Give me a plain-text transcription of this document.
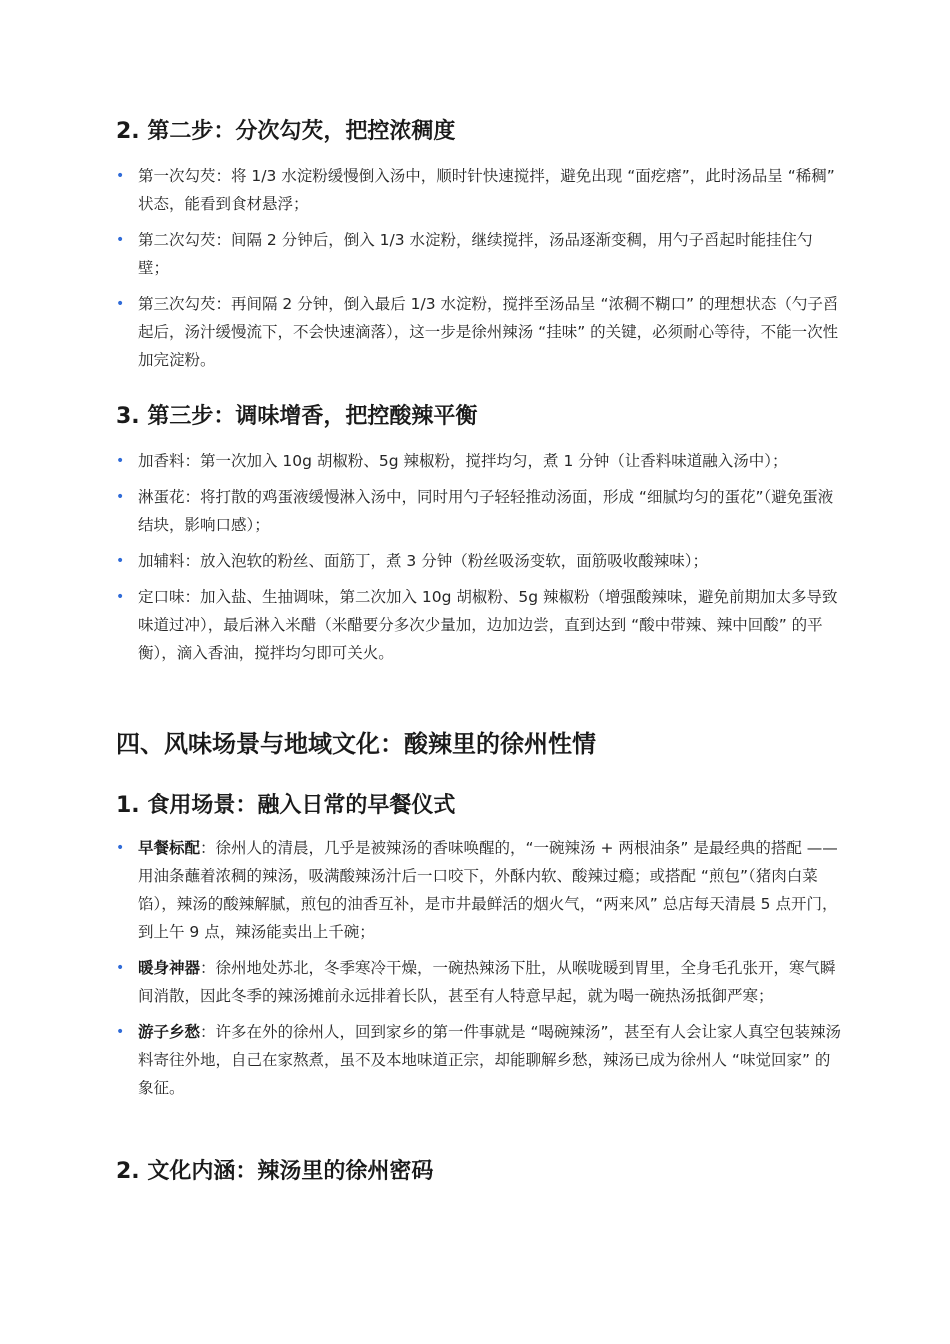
2. 第二步：分次勾芡，把控浓稠度
• 第一次勾芡：将 1/3 水淀粉缓慢倒入汤中，顺时针快速搅拌，避免出现 “面疙瘩”，此时汤品呈 “稀稠” 状态，能看到食材悬浮；
• 第二次勾芡：间隔 2 分钟后，倒入 1/3 水淀粉，继续搅拌，汤品逐渐变稠，用勺子舀起时能挂住勺壁；
• 第三次勾芡：再间隔 2 分钟，倒入最后 1/3 水淀粉，搅拌至汤品呈 “浓稠不糊口” 的理想状态（勺子舀起后，汤汁缓慢流下，不会快速滴落），这一步是徐州辣汤 “挂味” 的关键，必须耐心等待，不能一次性加完淀粉。
3. 第三步：调味增香，把控酸辣平衡
• 加香料：第一次加入 10g 胡椒粉、5g 辣椒粉，搅拌均匀，煮 1 分钟（让香料味道融入汤中）；
• 淋蛋花：将打散的鸡蛋液缓慢淋入汤中，同时用勺子轻轻推动汤面，形成 “细腻均匀的蛋花”（避免蛋液结块，影响口感）；
• 加辅料：放入泡软的粉丝、面筋丁，煮 3 分钟（粉丝吸汤变软，面筋吸收酸辣味）；
• 定口味：加入盐、生抽调味，第二次加入 10g 胡椒粉、5g 辣椒粉（增强酸辣味，避免前期加太多导致味道过冲），最后淋入米醋（米醋要分多次少量加，边加边尝，直到达到 “酸中带辣、辣中回酸” 的平衡），滴入香油，搅拌均匀即可关火。
四、风味场景与地域文化：酸辣里的徐州性情
1. 食用场景：融入日常的早餐仪式
• 早餐标配：徐州人的清晨，几乎是被辣汤的香味唤醒的，“一碗辣汤 + 两根油条” 是最经典的搭配 —— 用油条蘸着浓稠的辣汤，吸满酸辣汤汁后一口咬下，外酥内软、酸辣过瘾；或搭配 “煎包”（猪肉白菜馅），辣汤的酸辣解腻，煎包的油香互补，是市井最鲜活的烟火气，“两来风” 总店每天清晨 5 点开门，到上午 9 点，辣汤能卖出上千碗；
• 暖身神器：徐州地处苏北，冬季寒冷干燥，一碗热辣汤下肚，从喉咙暖到胃里，全身毛孔张开，寒气瞬间消散，因此冬季的辣汤摊前永远排着长队，甚至有人特意早起，就为喝一碗热汤抵御严寒；
• 游子乡愁：许多在外的徐州人，回到家乡的第一件事就是 “喝碗辣汤”，甚至有人会让家人真空包装辣汤料寄往外地，自己在家熬煮，虽不及本地味道正宗，却能聊解乡愁，辣汤已成为徐州人 “味觉回家” 的象征。
2. 文化内涵：辣汤里的徐州密码
